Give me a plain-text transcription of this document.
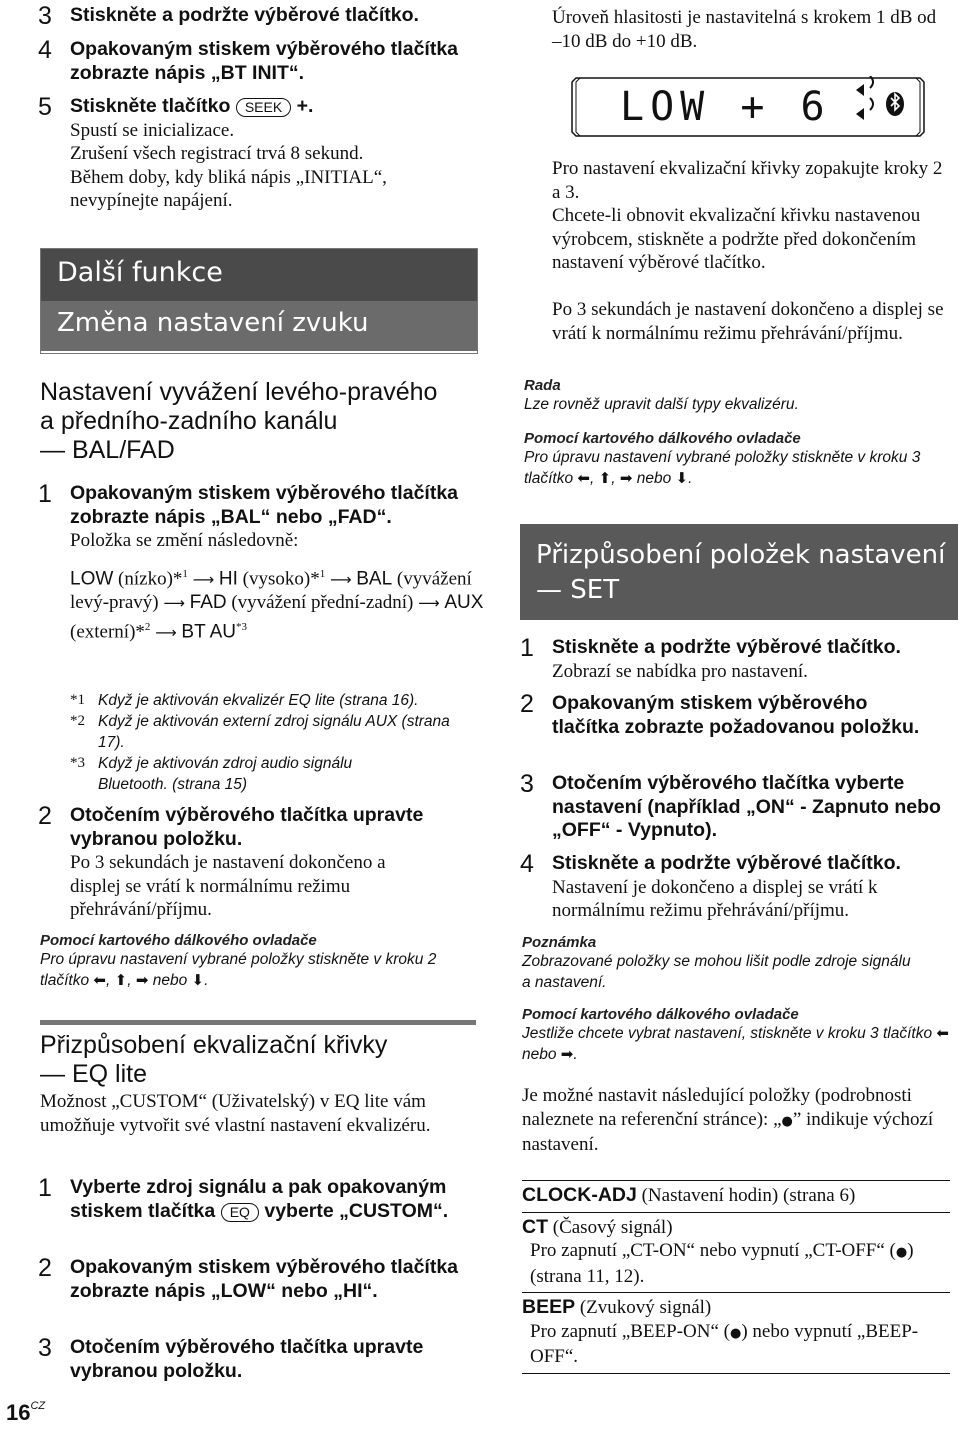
3 Stiskněte a podržte výběrové tlačítko.
4 Opakovaným stiskem výběrového tlačítka zobrazte nápis „BT INIT“.
5 Stiskněte tlačítko SEEK +.
Spustí se inicializace.
Zrušení všech registrací trvá 8 sekund.
Během doby, kdy bliká nápis „INITIAL“, nevypínejte napájení.
Další funkce
Změna nastavení zvuku
Nastavení vyvážení levého-pravého
a předního-zadního kanálu
— BAL/FAD
1 Opakovaným stiskem výběrového tlačítka zobrazte nápis „BAL“ nebo „FAD“.
Položka se změní následovně:
LOW (nízko)*$^1$ ⟶ HI (vysoko)*$^1$ ⟶ BAL (vyvážení levý-pravý) ⟶ FAD (vyvážení přední-zadní) ⟶ AUX (externí)*$^2$ ⟶ BT AU$^{*3}$
*1 Když je aktivován ekvalizér EQ lite (strana 16).
*2 Když je aktivován externí zdroj signálu AUX (strana 17).
*3 Když je aktivován zdroj audio signálu Bluetooth. (strana 15)
2 Otočením výběrového tlačítka upravte vybranou položku.
Po 3 sekundách je nastavení dokončeno a displej se vrátí k normálnímu režimu přehrávání/příjmu.
Pomocí kartového dálkového ovladače
Pro úpravu nastavení vybrané položky stiskněte v kroku 2 tlačítko ⬅, ⬆, ➡ nebo ⬇.
Přizpůsobení ekvalizační křivky
— EQ lite
Možnost „CUSTOM“ (Uživatelský) v EQ lite vám umožňuje vytvořit své vlastní nastavení ekvalizéru.
1 Vyberte zdroj signálu a pak opakovaným stiskem tlačítka EQ vyberte „CUSTOM“.
2 Opakovaným stiskem výběrového tlačítka zobrazte nápis „LOW“ nebo „HI“.
3 Otočením výběrového tlačítka upravte vybranou položku.
$16^{CZ}$
Úroveň hlasitosti je nastavitelná s krokem 1 dB od –10 dB do +10 dB.
LOW + 6
Pro nastavení ekvalizační křivky zopakujte kroky 2 a 3.
Chcete-li obnovit ekvalizační křivku nastavenou výrobcem, stiskněte a podržte před dokončením nastavení výběrové tlačítko.
Po 3 sekundách je nastavení dokončeno a displej se vrátí k normálnímu režimu přehrávání/příjmu.
Rada
Lze rovněž upravit další typy ekvalizéru.
Pomocí kartového dálkového ovladače
Pro úpravu nastavení vybrané položky stiskněte v kroku 3 tlačítko ⬅, ⬆, ➡ nebo ⬇.
Přizpůsobení položek nastavení
— SET
1 Stiskněte a podržte výběrové tlačítko.
Zobrazí se nabídka pro nastavení.
2 Opakovaným stiskem výběrového tlačítka zobrazte požadovanou položku.
3 Otočením výběrového tlačítka vyberte nastavení (například „ON“ - Zapnuto nebo „OFF“ - Vypnuto).
4 Stiskněte a podržte výběrové tlačítko.
Nastavení je dokončeno a displej se vrátí k normálnímu režimu přehrávání/příjmu.
Poznámka
Zobrazované položky se mohou lišit podle zdroje signálu a nastavení.
Pomocí kartového dálkového ovladače
Jestliže chcete vybrat nastavení, stiskněte v kroku 3 tlačítko ⬅ nebo ➡.
Je možné nastavit následující položky (podrobnosti naleznete na referenční stránce): „●” indikuje výchozí nastavení.
CLOCK-ADJ (Nastavení hodin) (strana 6)
CT (Časový signál)
Pro zapnutí „CT-ON“ nebo vypnutí „CT-OFF“ (●) (strana 11, 12).
BEEP (Zvukový signál)
Pro zapnutí „BEEP-ON“ (●) nebo vypnutí „BEEP-OFF“.
